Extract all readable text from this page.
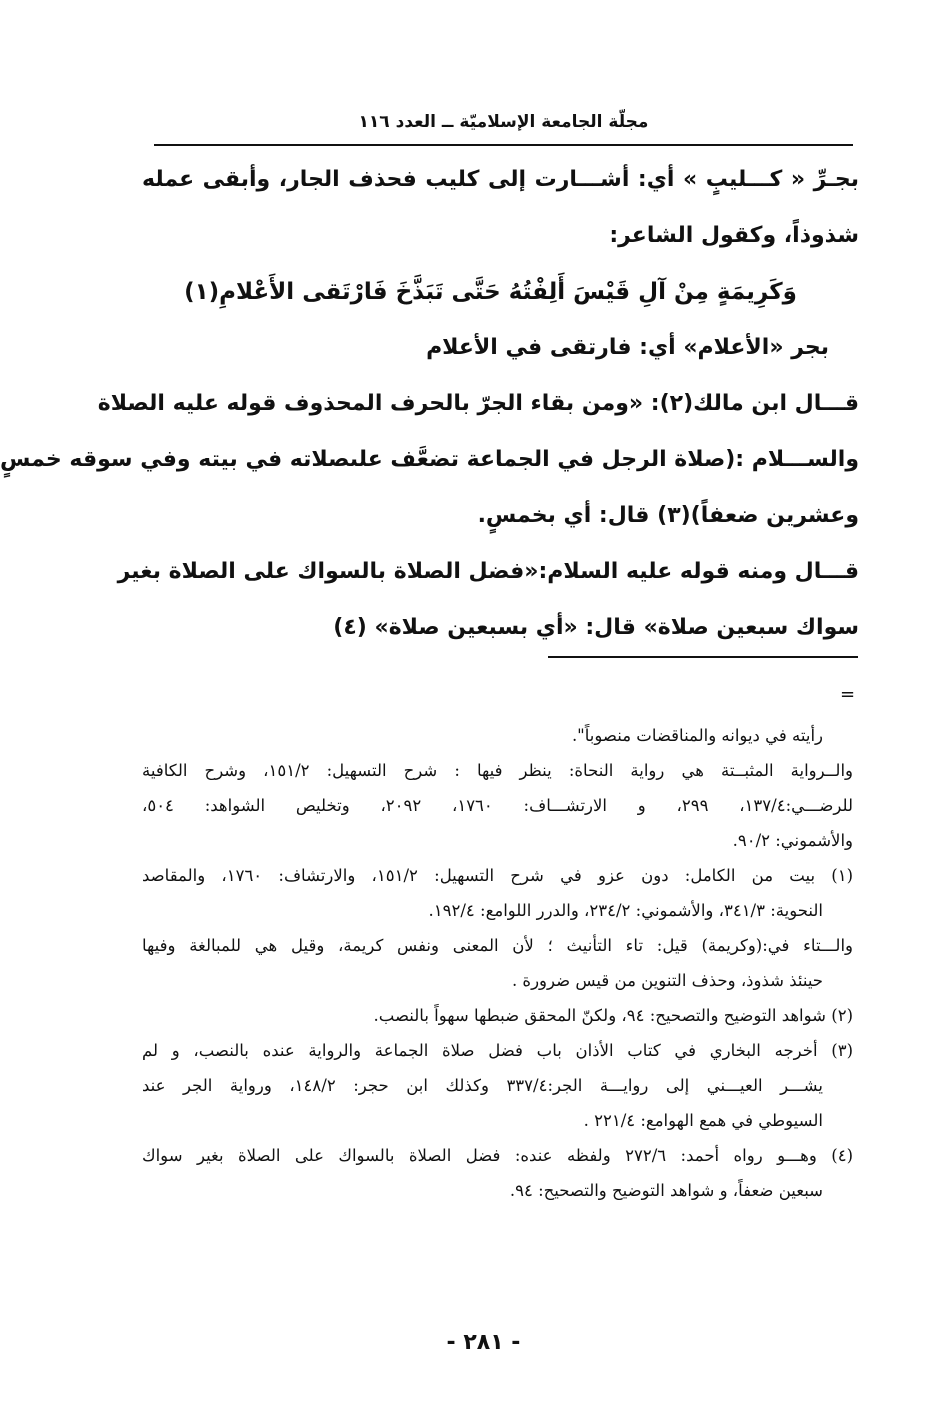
مجلّة الجامعة الإسلاميّة ــ العدد ١١٦
بجـرِّ « كـــليبٍ » أي: أشـــارت إلى كليب فحذف الجار، وأبقى عمله
شذوذاً، وكقول الشاعر:
وَكَرِيمَةٍ مِنْ آلِ قَيْسَ أَلِفْتُهُ حَتَّى تَبَذَّخَ فَارْتَقى الأَعْلامِ(١)
بجر «الأعلام» أي: فارتقى في الأعلام
قـــال ابن مالك(٢): «ومن بقاء الجرّ بالحرف المحذوف قوله عليه الصلاة
والســـلام :(صلاة الرجل في الجماعة تضعَّف علىصلاته في بيته وفي سوقه خمسٍ
وعشرين ضعفاً)(٣) قال: أي بخمسٍ.
قـــال ومنه قوله عليه السلام:«فضل الصلاة بالسواك على الصلاة بغير
سواك سبعين صلاة» قال: «أي بسبعين صلاة» (٤)
=
رأيته في ديوانه والمناقضات منصوباً".
والــرواية المثبــتة هي رواية النحاة: ينظر فيها : شرح التسهيل: ١٥١/٢، وشرح الكافية
للرضـــي:١٣٧/٤، ٢٩٩، و الارتشـــاف: ١٧٦٠، ٢٠٩٢، وتخليص الشواهد: ٥٠٤،
والأشموني: ٩٠/٢.
(١) بيت من الكامل: دون عزو في شرح التسهيل: ١٥١/٢، والارتشاف: ١٧٦٠، والمقاصد
النحوية: ٣٤١/٣، والأشموني: ٢٣٤/٢، والدرر اللوامع: ١٩٢/٤.
والـــتاء في:(وكريمة) قيل: تاء التأنيث ؛ لأن المعنى ونفس كريمة، وقيل هي للمبالغة وفيها
حينئذ شذوذ، وحذف التنوين من قيس ضرورة .
(٢) شواهد التوضيح والتصحيح: ٩٤، ولكنّ المحقق ضبطها سهواً بالنصب.
(٣) أخرجه البخاري في كتاب الأذان باب فضل صلاة الجماعة والرواية عنده بالنصب، و لم
يشـــر العيـــني إلى روايـــة الجر:٣٣٧/٤ وكذلك ابن حجر: ١٤٨/٢، ورواية الجر عند
السيوطي في همع الهوامع: ٢٢١/٤ .
(٤) وهـــو رواه أحمد: ٢٧٢/٦ ولفظه عنده: فضل الصلاة بالسواك على الصلاة بغير سواك
سبعين ضعفاً، و شواهد التوضيح والتصحيح: ٩٤.
- ٢٨١ -
